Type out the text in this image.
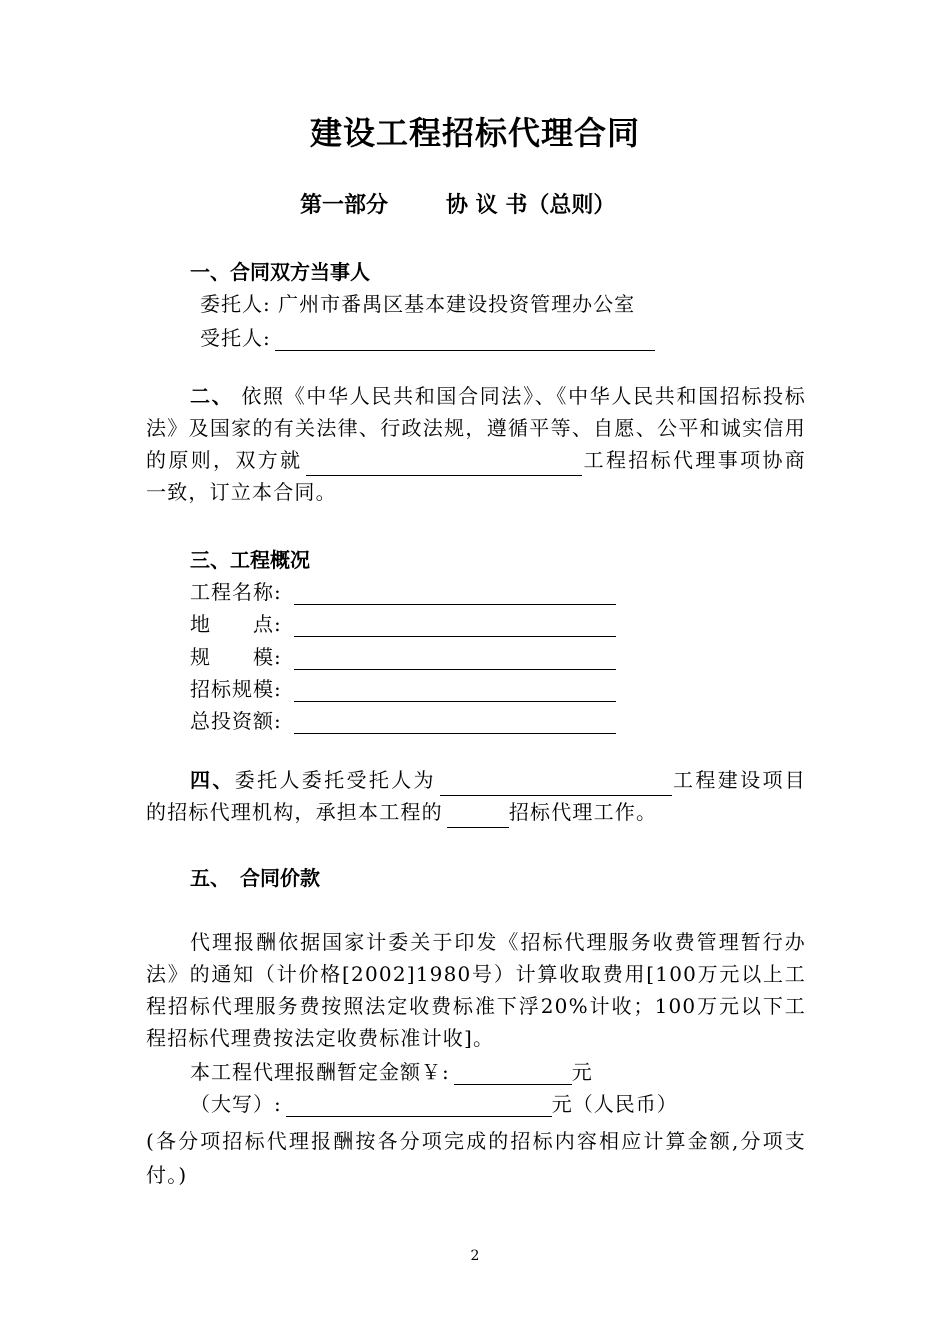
建设工程招标代理合同
第一部分	协 议 书（总则）
一、合同双方当事人
委托人: 广州市番禺区基本建设投资管理办公室
受托人:
二、 依照《中华人民共和国合同法》、《中华人民共和国招标投标法》及国家的有关法律、行政法规，遵循平等、自愿、公平和诚实信用的原则，双方就	工程招标代理事项协商一致，订立本合同。
三、工程概况
工程名称:
地　　点:
规　　模:
招标规模:
总投资额:
四、委托人委托受托人为	工程建设项目的招标代理机构，承担本工程的	招标代理工作。
五、　合同价款
代理报酬依据国家计委关于印发《招标代理服务收费管理暂行办法》的通知（计价格[2002]1980号）计算收取费用[100万元以上工程招标代理服务费按照法定收费标准下浮20%计收；100万元以下工程招标代理费按法定收费标准计收]。
本工程代理报酬暂定金额￥:	元
（大写）:	元（人民币）
(各分项招标代理报酬按各分项完成的招标内容相应计算金额,分项支付。)
2
